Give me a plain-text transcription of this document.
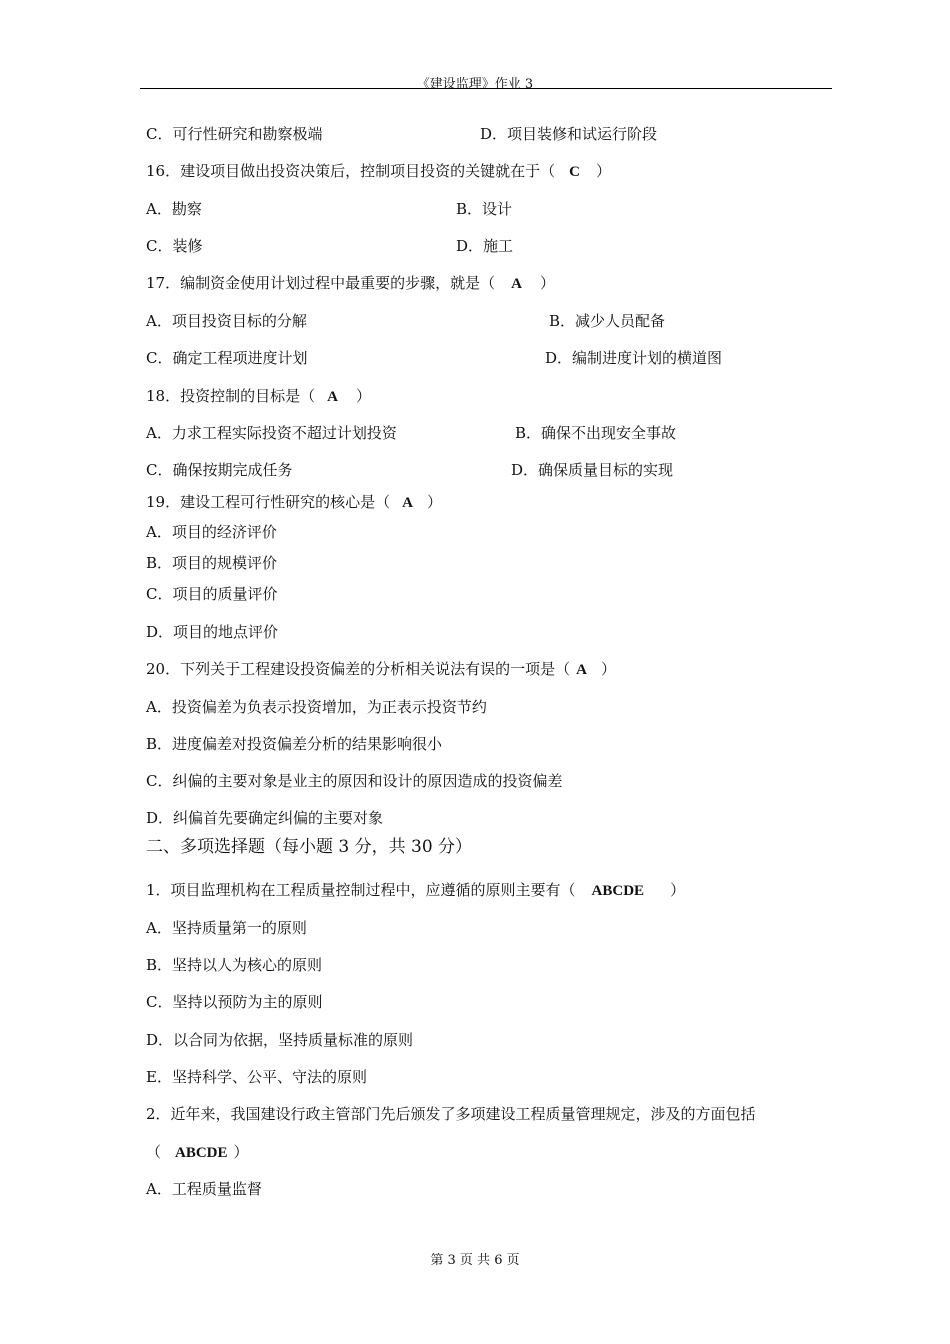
《建设监理》作业 3
C．可行性研究和勘察极端	D．项目装修和试运行阶段
16．建设项目做出投资决策后，控制项目投资的关键就在于（ C ）
A．勘察	B．设计
C．装修	D．施工
17．编制资金使用计划过程中最重要的步骤，就是（ A ）
A．项目投资目标的分解	B．减少人员配备
C．确定工程项进度计划	D．编制进度计划的横道图
18．投资控制的目标是（ A ）
A．力求工程实际投资不超过计划投资	B．确保不出现安全事故
C．确保按期完成任务	D．确保质量目标的实现
19．建设工程可行性研究的核心是（ A ）
A．项目的经济评价
B．项目的规模评价
C．项目的质量评价
D．项目的地点评价
20．下列关于工程建设投资偏差的分析相关说法有误的一项是（ A ）
A．投资偏差为负表示投资增加，为正表示投资节约
B．进度偏差对投资偏差分析的结果影响很小
C．纠偏的主要对象是业主的原因和设计的原因造成的投资偏差
D．纠偏首先要确定纠偏的主要对象
二、多项选择题（每小题 3 分，共 30 分）
1．项目监理机构在工程质量控制过程中，应遵循的原则主要有（ ABCDE ）
A．坚持质量第一的原则
B．坚持以人为核心的原则
C．坚持以预防为主的原则
D．以合同为依据，坚持质量标准的原则
E．坚持科学、公平、守法的原则
2．近年来，我国建设行政主管部门先后颁发了多项建设工程质量管理规定，涉及的方面包括
（ ABCDE ）
A．工程质量监督
第 3 页 共 6 页
